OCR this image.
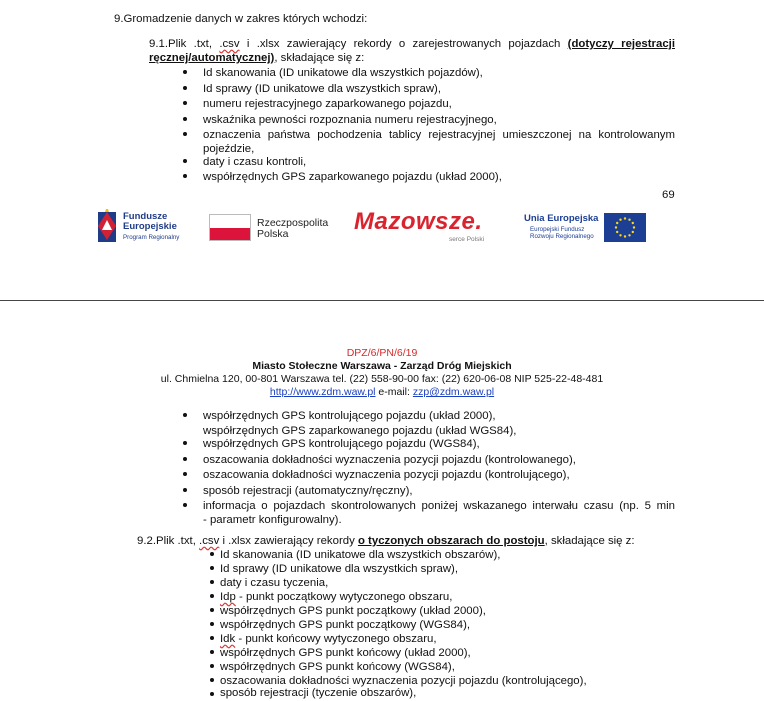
9.Gromadzenie danych w zakres których wchodzi:
9.1.Plik .txt, .csv i .xlsx zawierający rekordy o zarejestrowanych pojazdach (dotyczy rejestracji
ręcznej/automatycznej), składające się z:
Id skanowania (ID unikatowe dla wszystkich pojazdów),
Id sprawy (ID unikatowe dla wszystkich spraw),
numeru rejestracyjnego zaparkowanego pojazdu,
wskaźnika pewności rozpoznania numeru rejestracyjnego,
oznaczenia państwa pochodzenia tablicy rejestracyjnej umieszczonej na kontrolowanym
pojeździe,
daty i czasu kontroli,
współrzędnych GPS zaparkowanego pojazdu (układ 2000),
69
Fundusze
Europejskie
Program Regionalny
Rzeczpospolita
Polska	Mazowsze.
serce Polski
Unia Europejska
Europejski Fundusz
Rozwoju Regionalnego
DPZ/6/PN/6/19
Miasto Stołeczne Warszawa - Zarząd Dróg Miejskich
ul. Chmielna 120, 00-801 Warszawa tel. (22) 558-90-00 fax: (22) 620-06-08 NIP 525-22-48-481
http://www.zdm.waw.pl e-mail: zzp@zdm.waw.pl
współrzędnych GPS kontrolującego pojazdu (układ 2000),
współrzędnych GPS zaparkowanego pojazdu (układ WGS84),
współrzędnych GPS kontrolującego pojazdu (WGS84),
oszacowania dokładności wyznaczenia pozycji pojazdu (kontrolowanego),
oszacowania dokładności wyznaczenia pozycji pojazdu (kontrolującego),
sposób rejestracji (automatyczny/ręczny),
informacja o pojazdach skontrolowanych poniżej wskazanego interwału czasu (np. 5 min
- parametr konfigurowalny).
9.2.Plik .txt, .csv i .xlsx zawierający rekordy o tyczonych obszarach do postoju, składające się z:
Id skanowania (ID unikatowe dla wszystkich obszarów),
Id sprawy (ID unikatowe dla wszystkich spraw),
daty i czasu tyczenia,
Idp - punkt początkowy wytyczonego obszaru,
współrzędnych GPS punkt początkowy (układ 2000),
współrzędnych GPS punkt początkowy (WGS84),
Idk - punkt końcowy wytyczonego obszaru,
współrzędnych GPS punkt końcowy (układ 2000),
współrzędnych GPS punkt końcowy (WGS84),
oszacowania dokładności wyznaczenia pozycji pojazdu (kontrolującego),
sposób rejestracji (tyczenie obszarów),
